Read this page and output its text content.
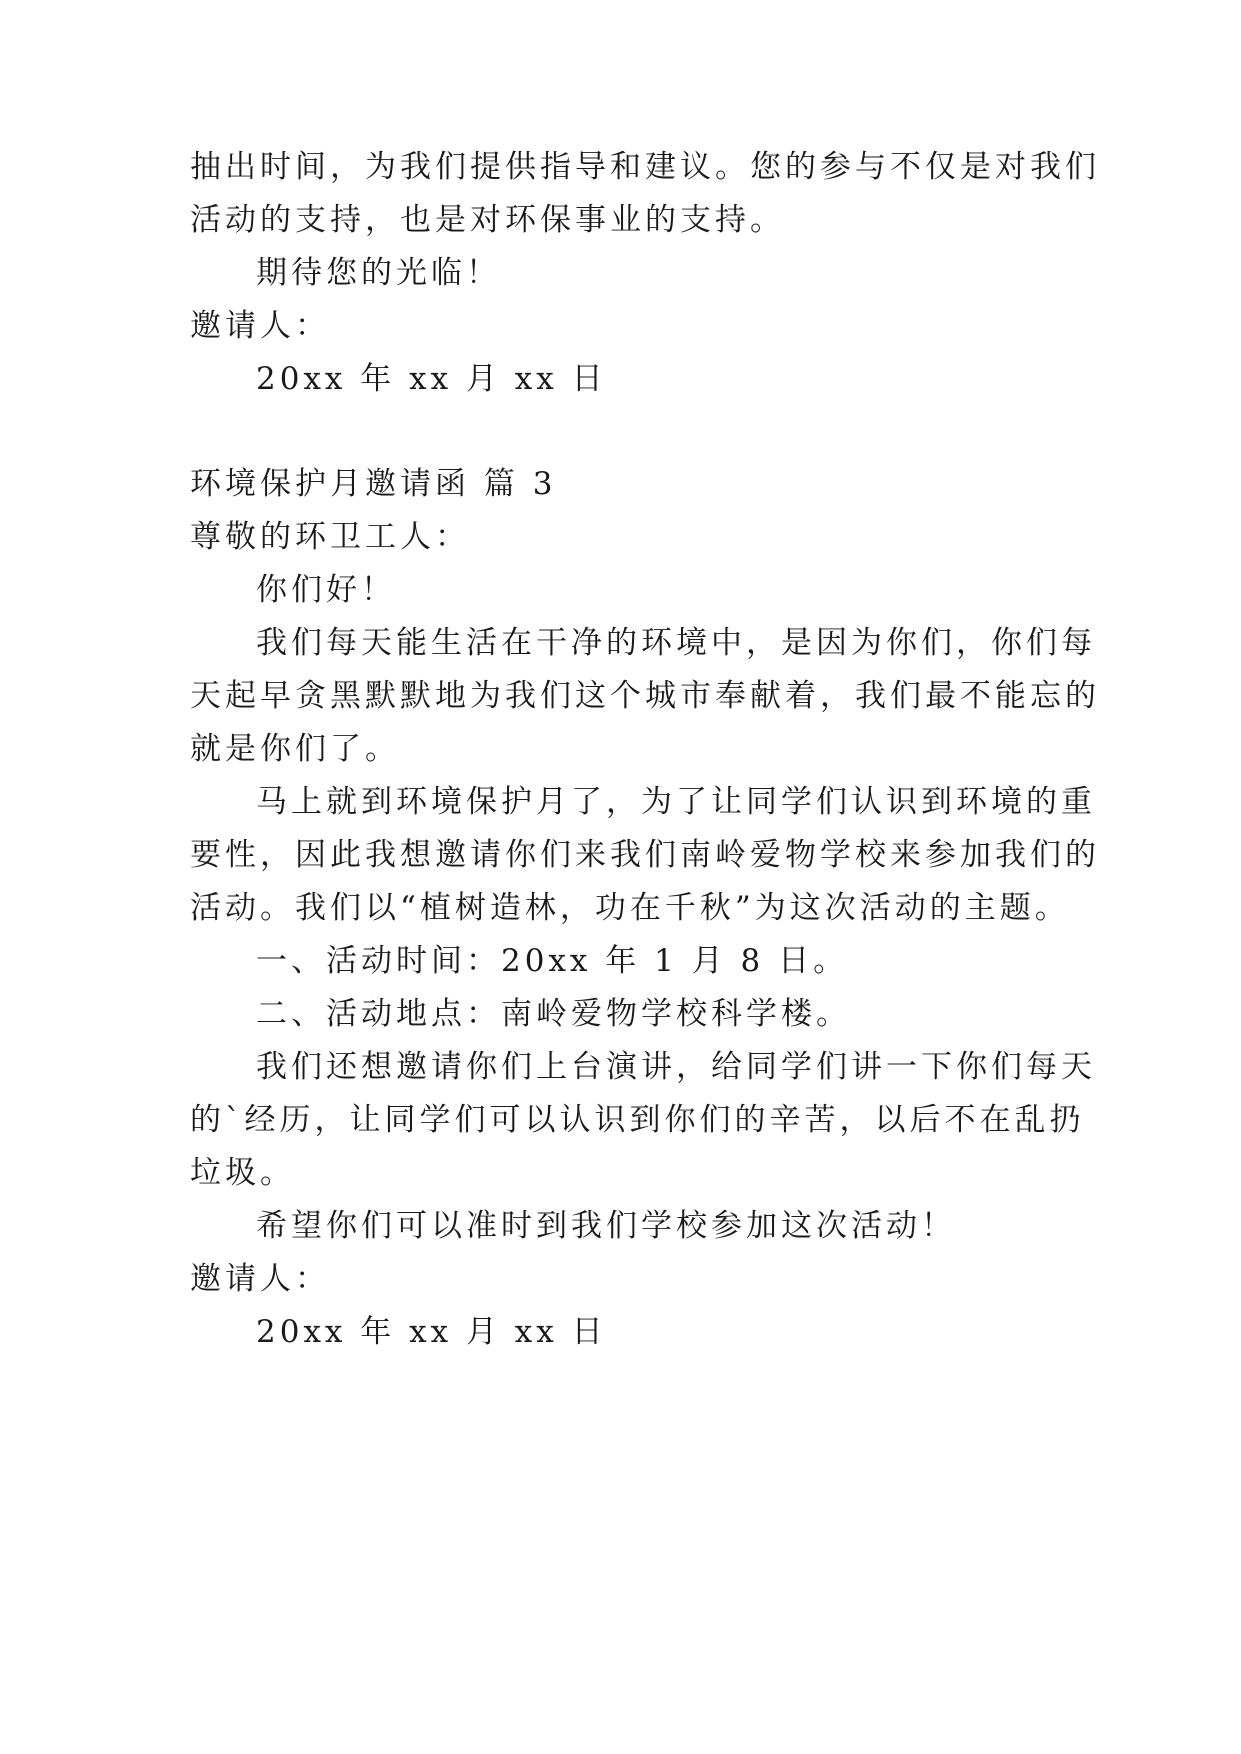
抽出时间，为我们提供指导和建议。您的参与不仅是对我们
活动的支持，也是对环保事业的支持。
期待您的光临！
邀请人：
20xx 年 xx 月 xx 日
环境保护月邀请函 篇 3
尊敬的环卫工人：
你们好！
我们每天能生活在干净的环境中，是因为你们，你们每
天起早贪黑默默地为我们这个城市奉献着，我们最不能忘的
就是你们了。
马上就到环境保护月了，为了让同学们认识到环境的重
要性，因此我想邀请你们来我们南岭爱物学校来参加我们的
活动。我们以“植树造林，功在千秋”为这次活动的主题。
一、活动时间：20xx 年 1 月 8 日。
二、活动地点：南岭爱物学校科学楼。
我们还想邀请你们上台演讲，给同学们讲一下你们每天
的`经历，让同学们可以认识到你们的辛苦，以后不在乱扔
垃圾。
希望你们可以准时到我们学校参加这次活动！
邀请人：
20xx 年 xx 月 xx 日
